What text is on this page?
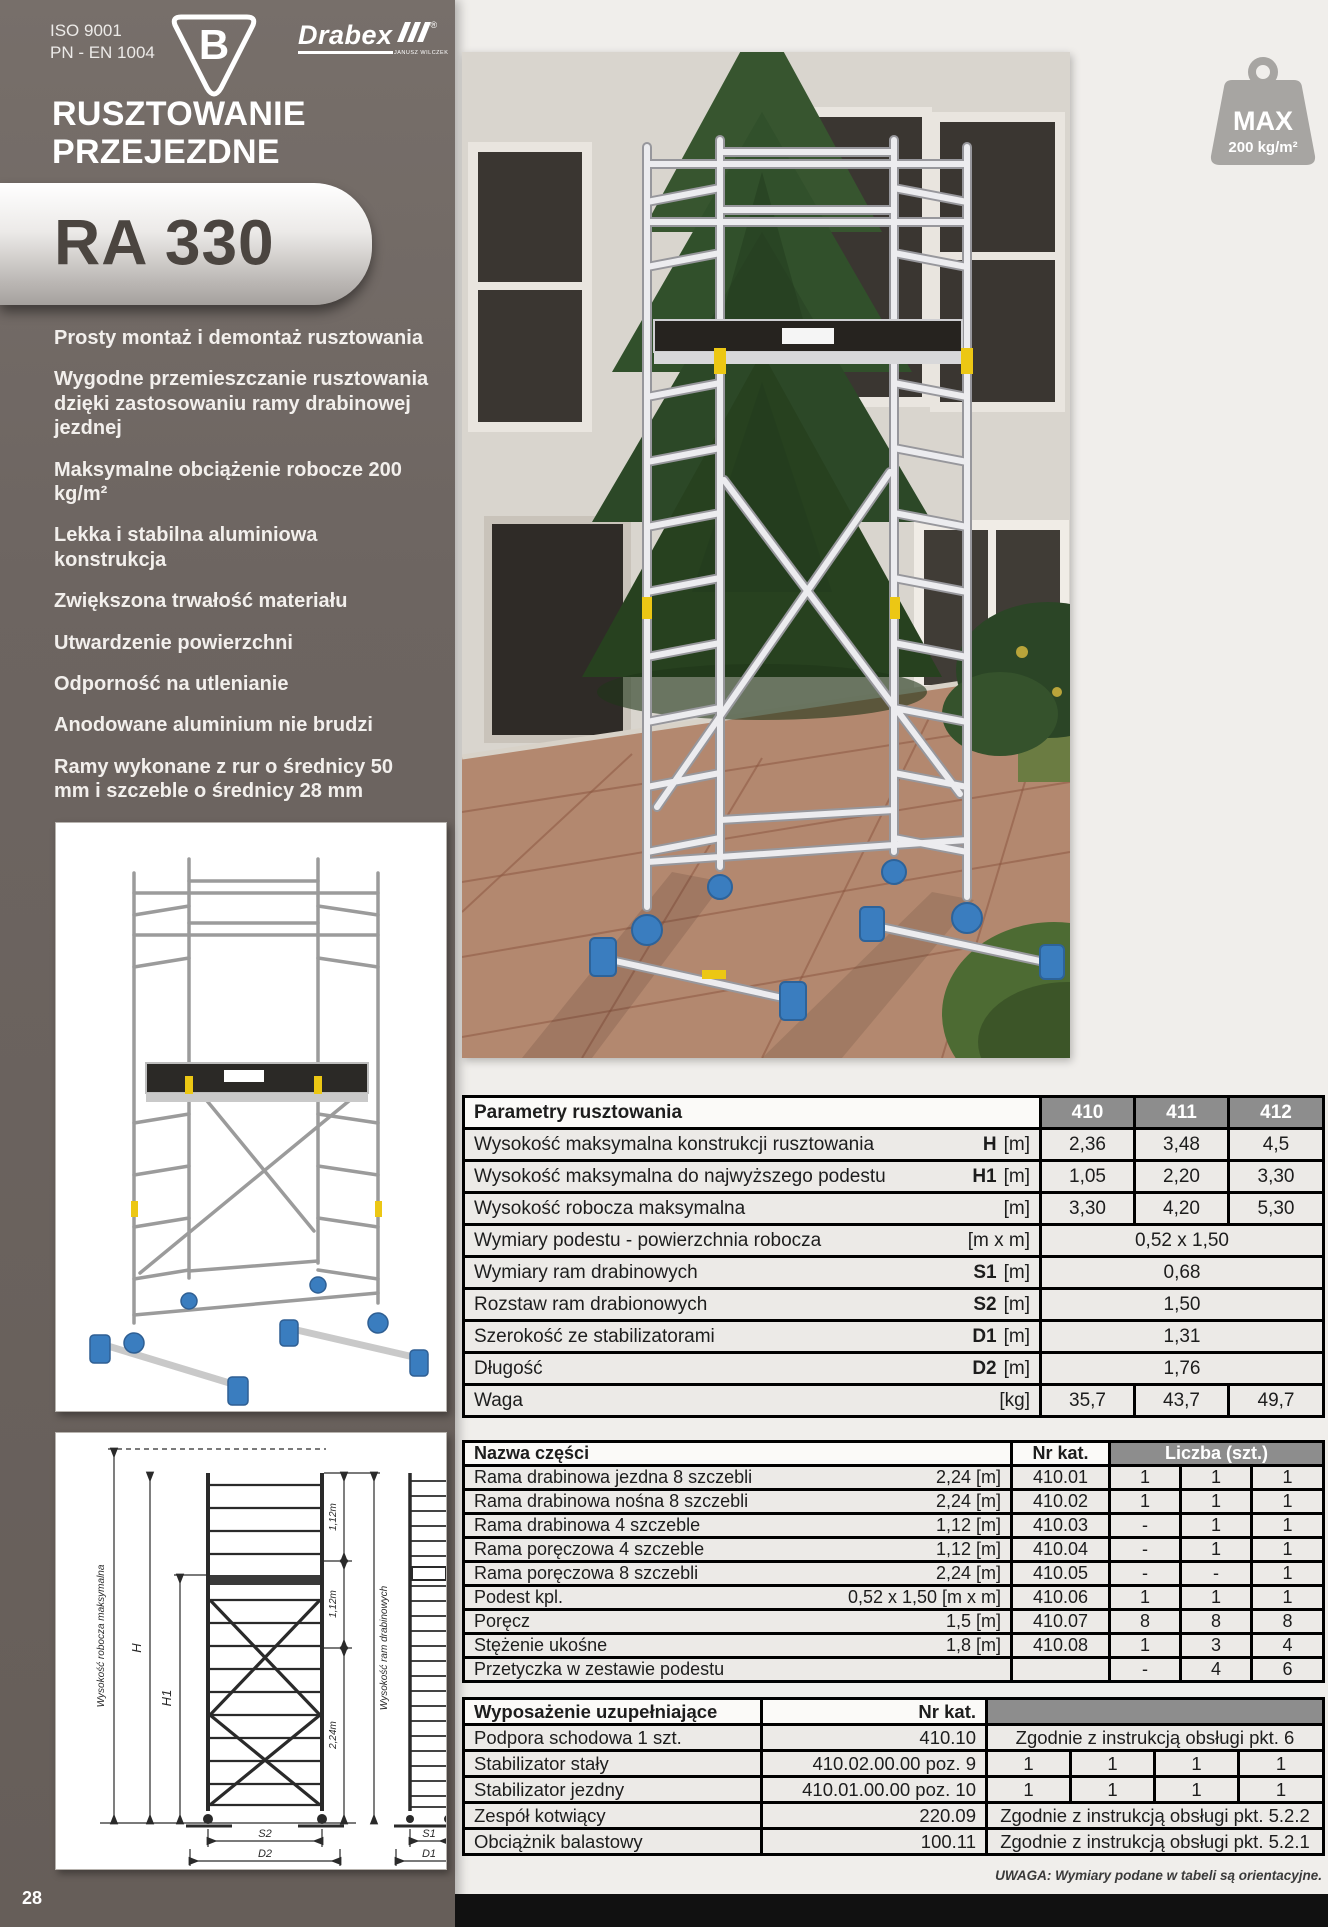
ISO 9001
PN - EN 1004 B	Drabex	®
JANUSZ WILCZEK
RUSZTOWANIE
PRZEJEZDNE
RA 330

Prosty montaż i demontaż rusztowania

Wygodne przemieszczanie rusztowania dzięki zastosowaniu ramy drabinowej jezdnej

Maksymalne obciążenie robocze 200 kg/m²

Lekka i stabilna aluminiowa konstrukcja

Zwiększona trwałość materiału

Utwardzenie powierzchni

Odporność na utlenianie

Anodowane aluminium nie brudzi

Ramy wykonane z rur o średnicy 50 mm i szczeble o średnicy 28 mm

Wysokość robocza maksymalna H
H1
1,12m
1,12m
2,24m
Wysokość ram drabinowych
S2
D2
S1
D1
28
MAX
200 kg/m²
Parametry rusztowania	410	411	412

Wysokość maksymalna konstrukcji rusztowania H [m]	2,36	3,48	4,5

Wysokość maksymalna do najwyższego podestu H1 [m]	1,05	2,20	3,30

Wysokość robocza maksymalna [m]	3,30	4,20	5,30

Wymiary podestu - powierzchnia robocza [m x m]	0,52 x 1,50		

Wymiary ram drabinowych S1 [m]	0,68		

Rozstaw ram drabionowych S2 [m]	1,50		

Szerokość ze stabilizatorami D1 [m]	1,31		

Długość D2 [m]	1,76		

Waga [kg]	35,7	43,7	49,7
Nazwa części	Nr kat.	Liczba (szt.)		

Rama drabinowa jezdna 8 szczebli 2,24 [m]	410.01	1	1	1

Rama drabinowa nośna 8 szczebli 2,24 [m]	410.02	1	1	1

Rama drabinowa 4 szczeble 1,12 [m]	410.03	-	1	1

Rama poręczowa 4 szczeble 1,12 [m]	410.04	-	1	1

Rama poręczowa 8 szczebli 2,24 [m]	410.05	-	-	1

Podest kpl. 0,52 x 1,50 [m x m]	410.06	1	1	1

Poręcz 1,5 [m]	410.07	8	8	8

Stężenie ukośne 1,8 [m]	410.08	1	3	4

Przetyczka w zestawie podestu		-	4	6
Wyposażenie uzupełniające	Nr kat.				
Podpora schodowa 1 szt.	410.10	Zgodnie z instrukcją obsługi pkt. 6			
Stabilizator stały	410.02.00.00 poz. 9	1	1	1	1
Stabilizator jezdny	410.01.00.00 poz. 10	1	1	1	1
Zespół kotwiący	220.09	Zgodnie z instrukcją obsługi pkt. 5.2.2			
Obciążnik balastowy	100.11	Zgodnie z instrukcją obsługi pkt. 5.2.1			
UWAGA: Wymiary podane w tabeli są orientacyjne.
